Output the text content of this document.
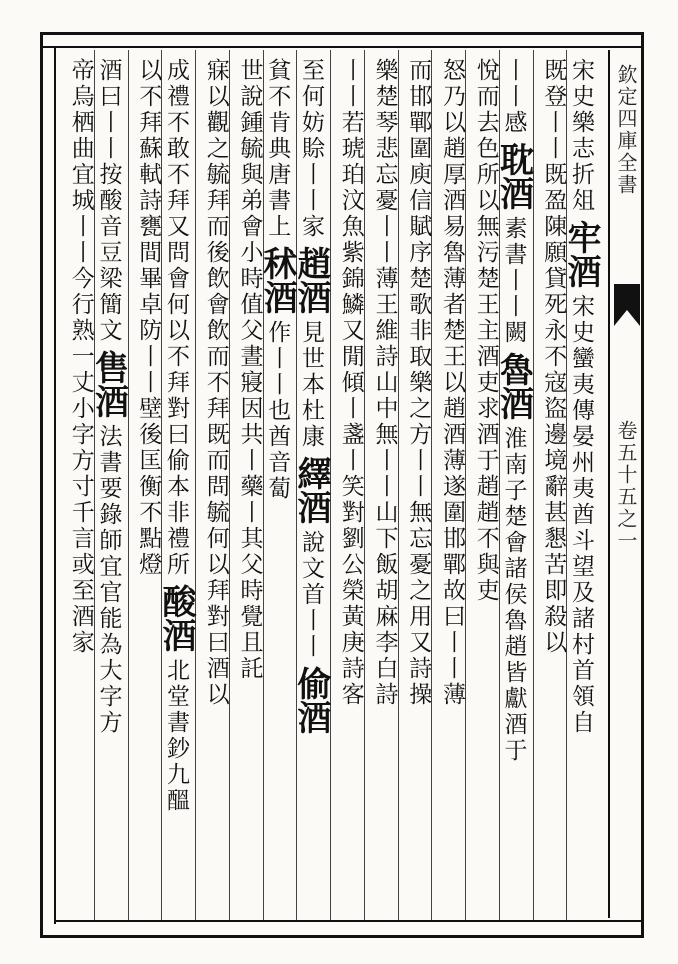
欽定四庫全書
卷五十五之一
宋史樂志折俎牢酒宋史蠻夷傳晏州夷酋斗望及諸村首領自
既登丨丨既盈陳願貸死永不寇盜邊境辭甚懇苦即殺以
丨丨感耽酒素書丨丨闕魯酒淮南子楚會諸侯魯趙皆獻酒于
悅而去色所以無污楚王主酒吏求酒于趙趙不與吏
怒乃以趙厚酒易魯薄者楚王以趙酒薄遂圍邯鄲故曰丨丨薄
而邯鄲圍庾信賦序楚歌非取樂之方丨丨無忘憂之用又詩操
樂楚琴悲忘憂丨丨薄王維詩山中無丨丨山下飯胡麻李白詩
丨丨若琥珀汶魚紫錦鱗又閒傾丨盞丨笑對劉公榮黃庚詩客
至何妨賒丨丨家趙酒見世本杜康繹酒說文首丨丨偷酒
貧不肯典唐書上秫酒作丨丨也酋音蔔
世說鍾毓與弟會小時值父晝寢因共丨藥丨其父時覺且託
寐以觀之毓拜而後飲會飲而不拜既而問毓何以拜對曰酒以
成禮不敢不拜又問會何以不拜對曰偷本非禮所酸酒北堂書鈔九醞
以不拜蘇軾詩甕間畢卓防丨丨壁後匡衡不點燈
酒曰丨丨按酸音豆梁簡文售酒法書要錄師宜官能為大字方
帝烏栖曲宜城丨丨今行熟一丈小字方寸千言或至酒家
